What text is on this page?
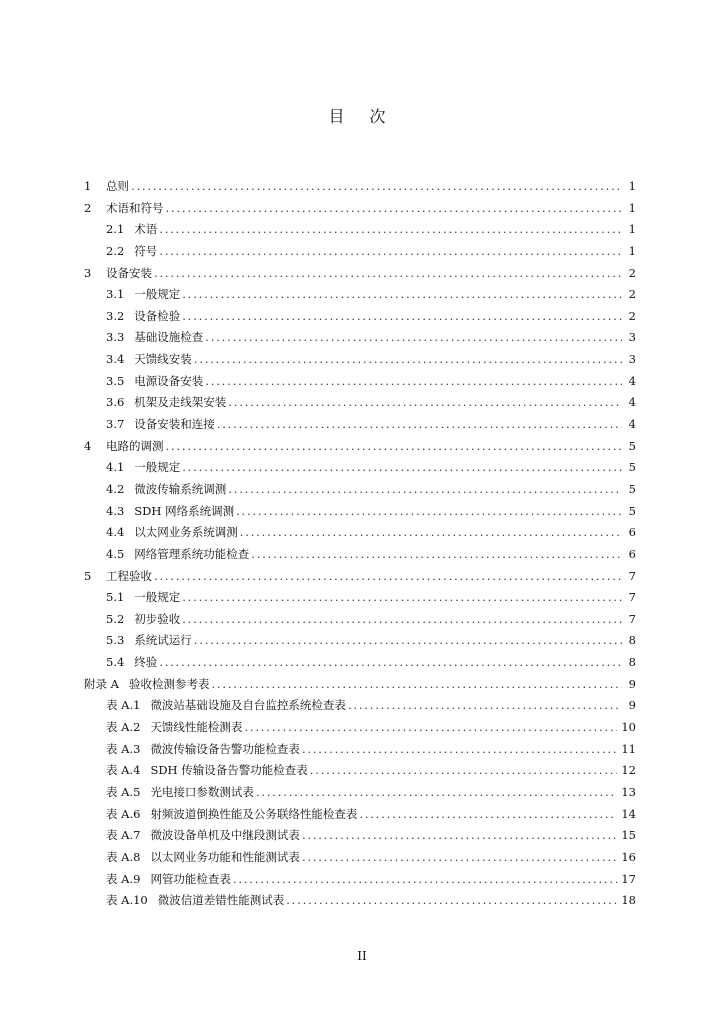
目 次
1	总则 .....	1
2	术语和符号 .....	1
2.1 术语 .....	1
2.2 符号 .....	1
3	设备安装 .....	2
3.1 一般规定 .....	2
3.2 设备检验 .....	2
3.3 基础设施检查 .....	3
3.4 天馈线安装 .....	3
3.5 电源设备安装 .....	4
3.6 机架及走线架安装 .....	4
3.7 设备安装和连接 .....	4
4	电路的调测 .....	5
4.1 一般规定 .....	5
4.2 微波传输系统调测 .....	5
4.3 SDH 网络系统调测 .....	5
4.4 以太网业务系统调测 .....	6
4.5 网络管理系统功能检查 .....	6
5	工程验收 .....	7
5.1 一般规定 .....	7
5.2 初步验收 .....	7
5.3 系统试运行 .....	8
5.4 终验 .....	8
附录 A 验收检测参考表 .....	9
表 A.1 微波站基础设施及自台监控系统检查表 .....	9
表 A.2 天馈线性能检测表 .....	10
表 A.3 微波传输设备告警功能检查表 .....	11
表 A.4 SDH 传输设备告警功能检查表 .....	12
表 A.5 光电接口参数测试表 .....	13
表 A.6 射频波道倒换性能及公务联络性能检查表 .....	14
表 A.7 微波设备单机及中继段测试表 .....	15
表 A.8 以太网业务功能和性能测试表 .....	16
表 A.9 网管功能检查表 .....	17
表 A.10 微波信道差错性能测试表 .....	18
II
